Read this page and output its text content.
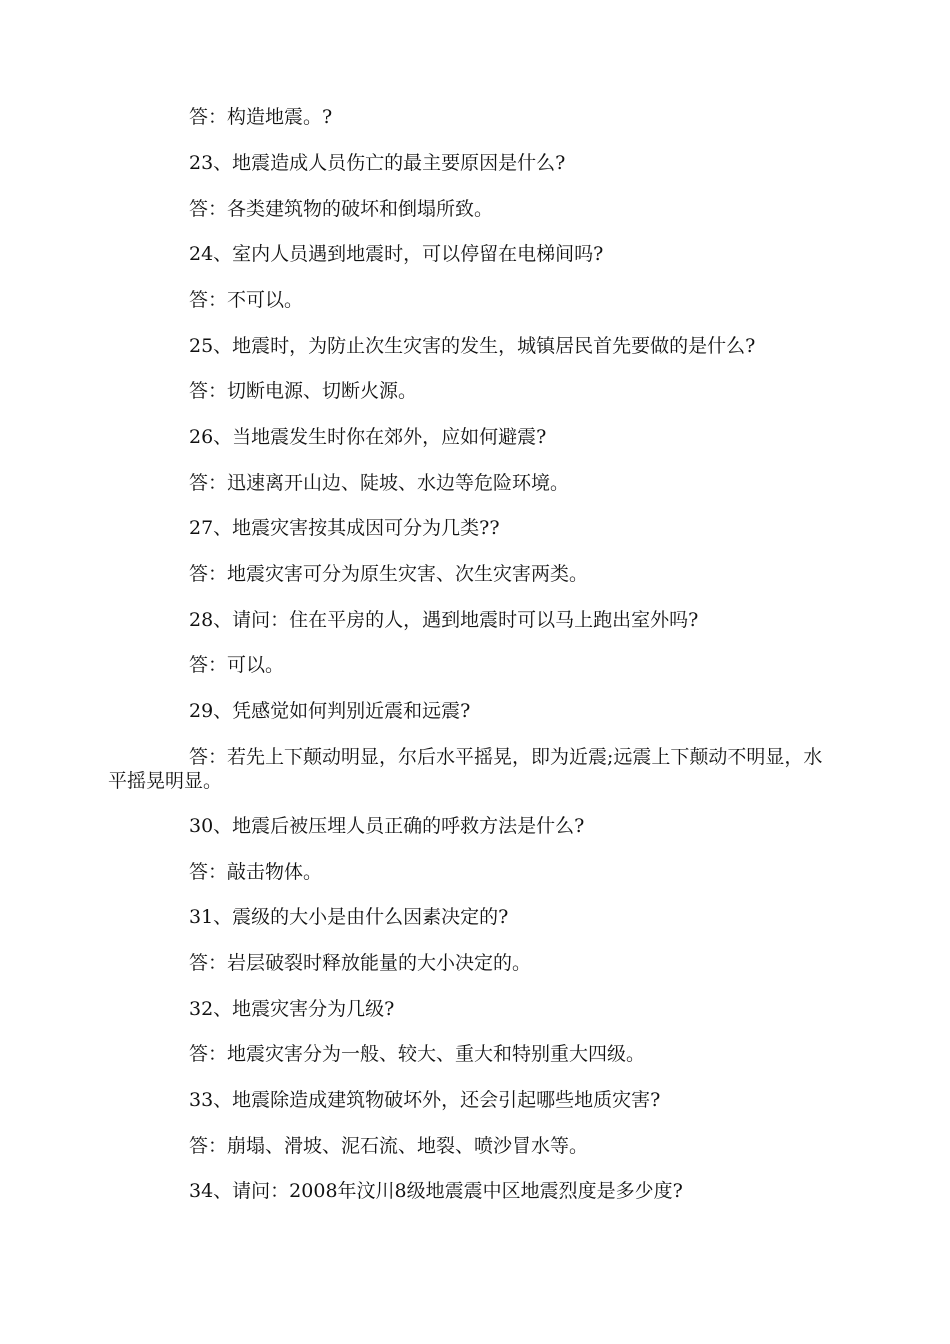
答：构造地震。?

23、地震造成人员伤亡的最主要原因是什么?

答：各类建筑物的破坏和倒塌所致。

24、室内人员遇到地震时，可以停留在电梯间吗?

答：不可以。

25、地震时，为防止次生灾害的发生，城镇居民首先要做的是什么?

答：切断电源、切断火源。

26、当地震发生时你在郊外，应如何避震?

答：迅速离开山边、陡坡、水边等危险环境。

27、地震灾害按其成因可分为几类??

答：地震灾害可分为原生灾害、次生灾害两类。

28、请问：住在平房的人，遇到地震时可以马上跑出室外吗?

答：可以。

29、凭感觉如何判别近震和远震?

答：若先上下颠动明显，尔后水平摇晃，即为近震;远震上下颠动不明显，水平摇晃明显。

30、地震后被压埋人员正确的呼救方法是什么?

答：敲击物体。

31、震级的大小是由什么因素决定的?

答：岩层破裂时释放能量的大小决定的。

32、地震灾害分为几级?

答：地震灾害分为一般、较大、重大和特别重大四级。

33、地震除造成建筑物破坏外，还会引起哪些地质灾害?

答：崩塌、滑坡、泥石流、地裂、喷沙冒水等。

34、请问：2008年汶川8级地震震中区地震烈度是多少度?
